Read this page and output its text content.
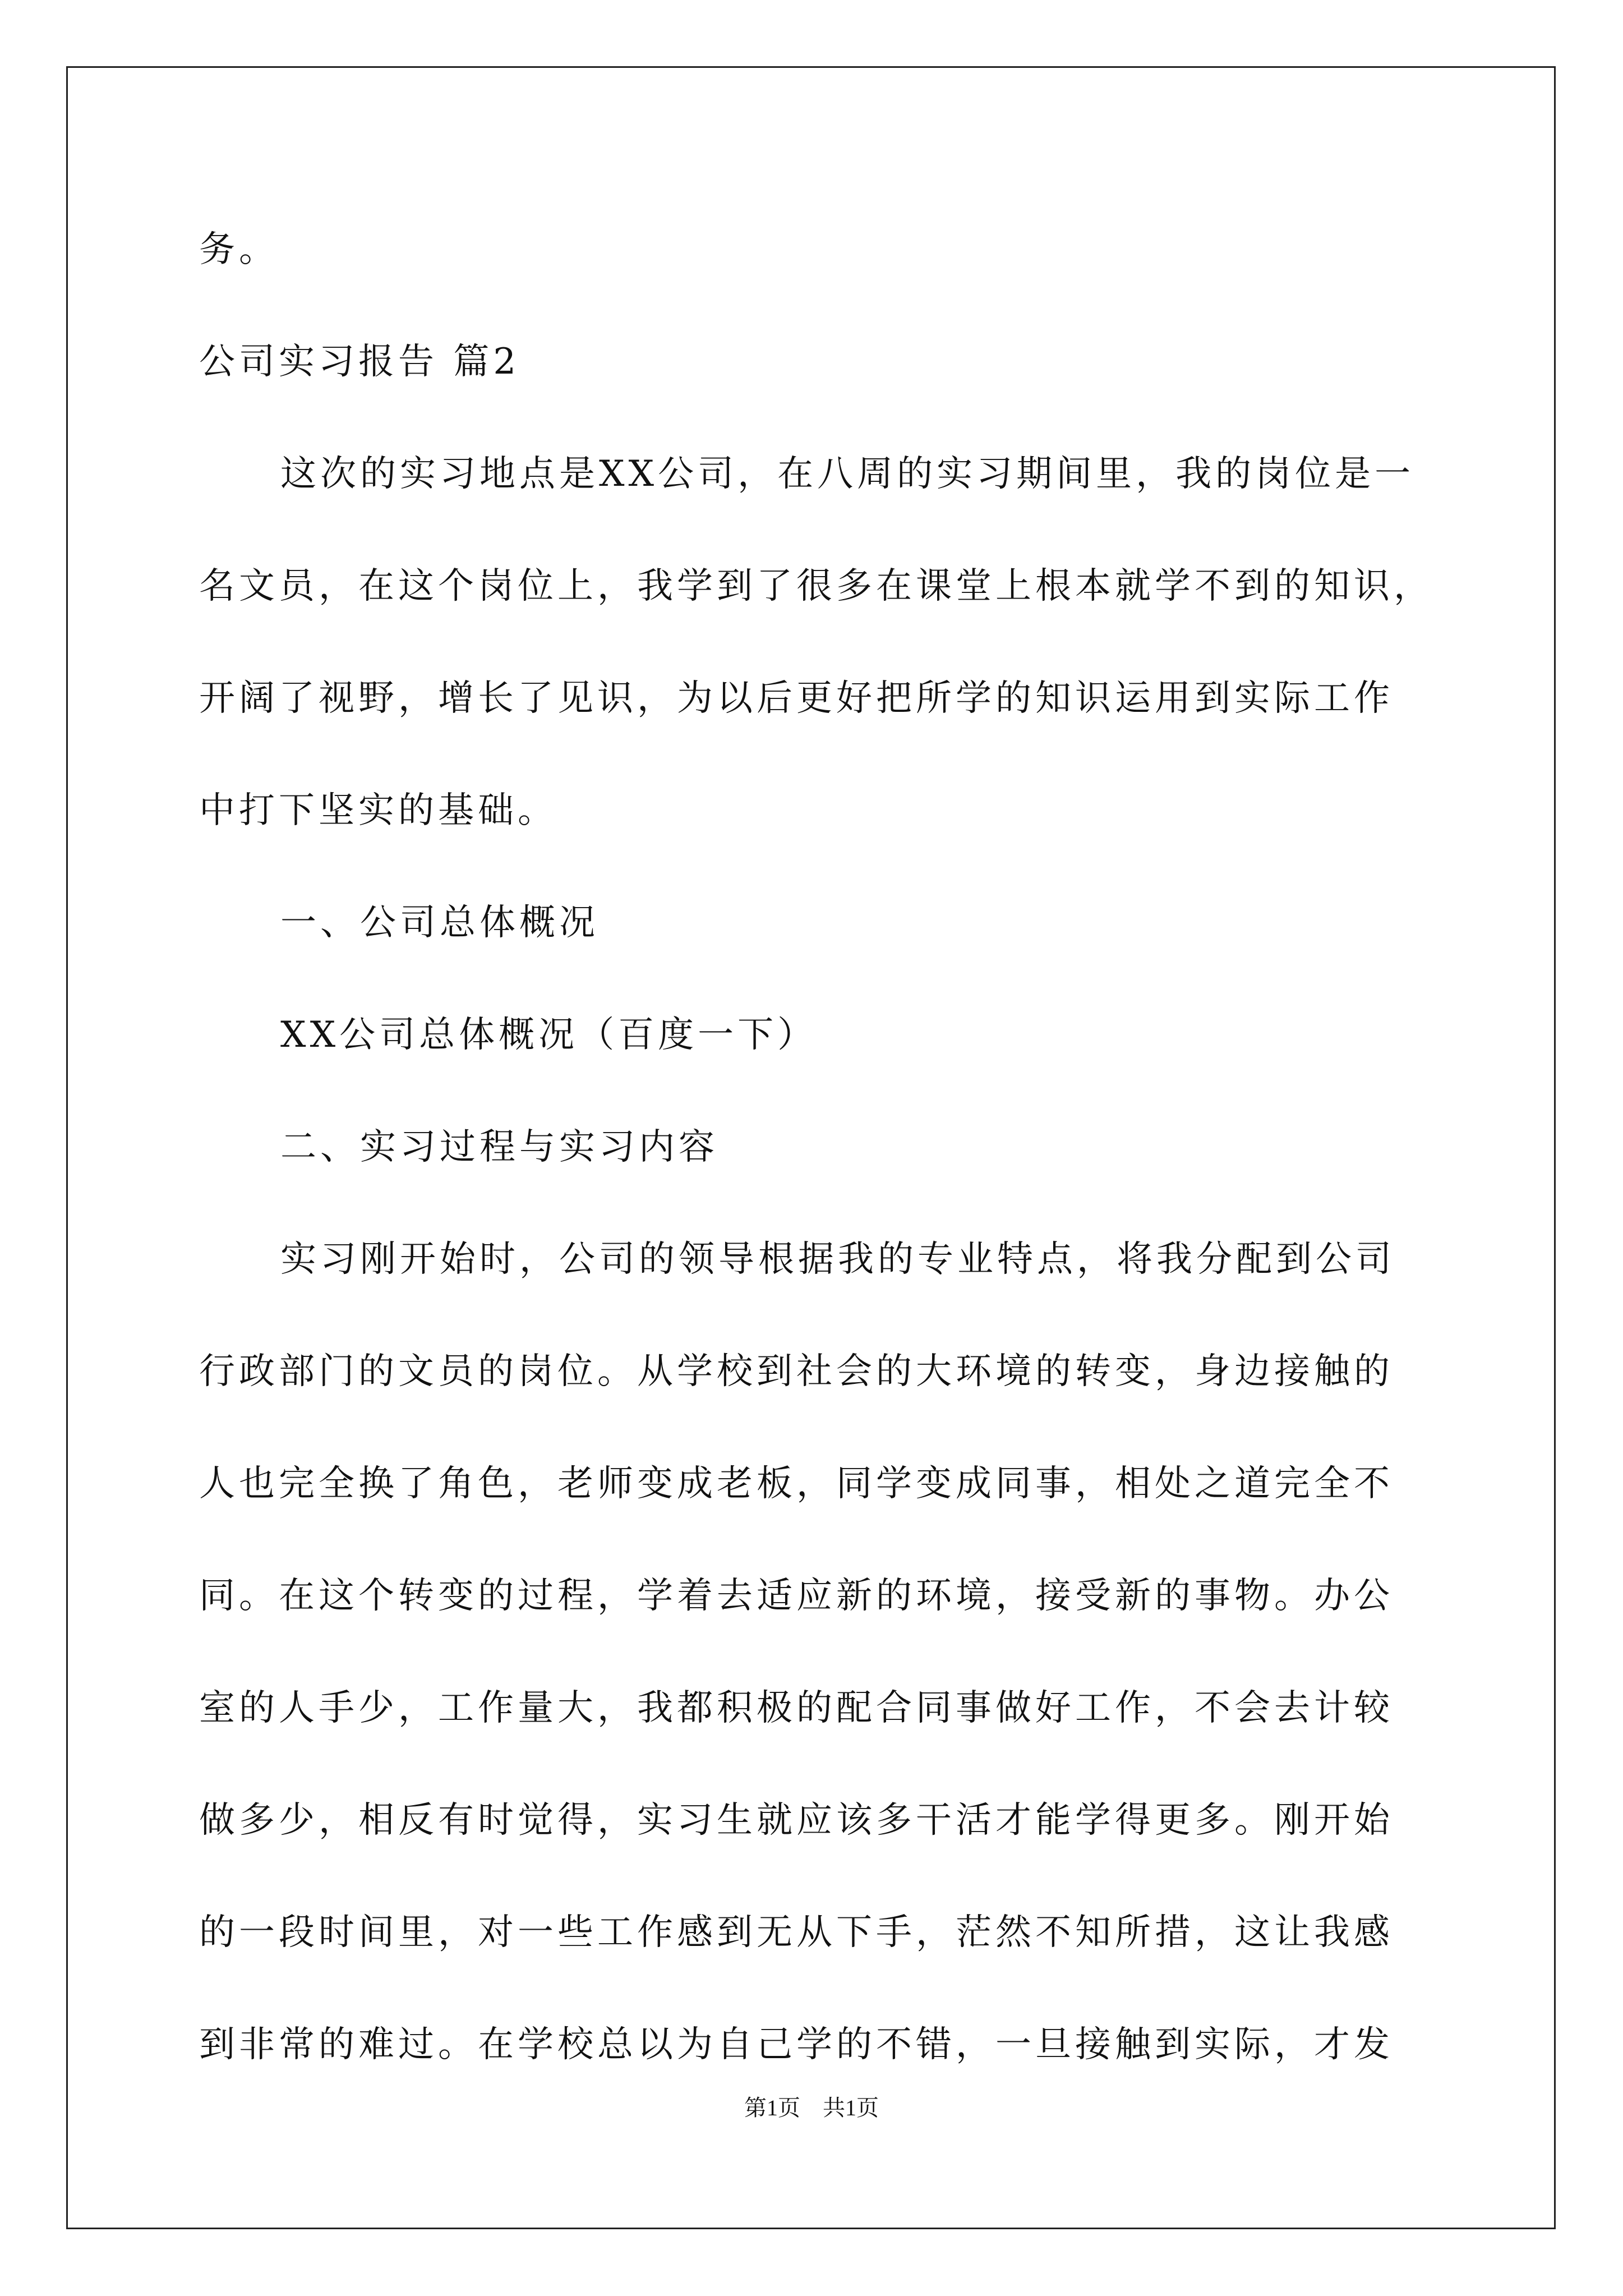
务。
公司实习报告 篇2
这次的实习地点是XX公司，在八周的实习期间里，我的岗位是一
名文员，在这个岗位上，我学到了很多在课堂上根本就学不到的知识，
开阔了视野，增长了见识，为以后更好把所学的知识运用到实际工作
中打下坚实的基础。
一、公司总体概况
XX公司总体概况（百度一下）
二、实习过程与实习内容
实习刚开始时，公司的领导根据我的专业特点，将我分配到公司
行政部门的文员的岗位。从学校到社会的大环境的转变，身边接触的
人也完全换了角色，老师变成老板，同学变成同事，相处之道完全不
同。在这个转变的过程，学着去适应新的环境，接受新的事物。办公
室的人手少，工作量大，我都积极的配合同事做好工作，不会去计较
做多少，相反有时觉得，实习生就应该多干活才能学得更多。刚开始
的一段时间里，对一些工作感到无从下手，茫然不知所措，这让我感
到非常的难过。在学校总以为自己学的不错，一旦接触到实际，才发
第1页　共1页
